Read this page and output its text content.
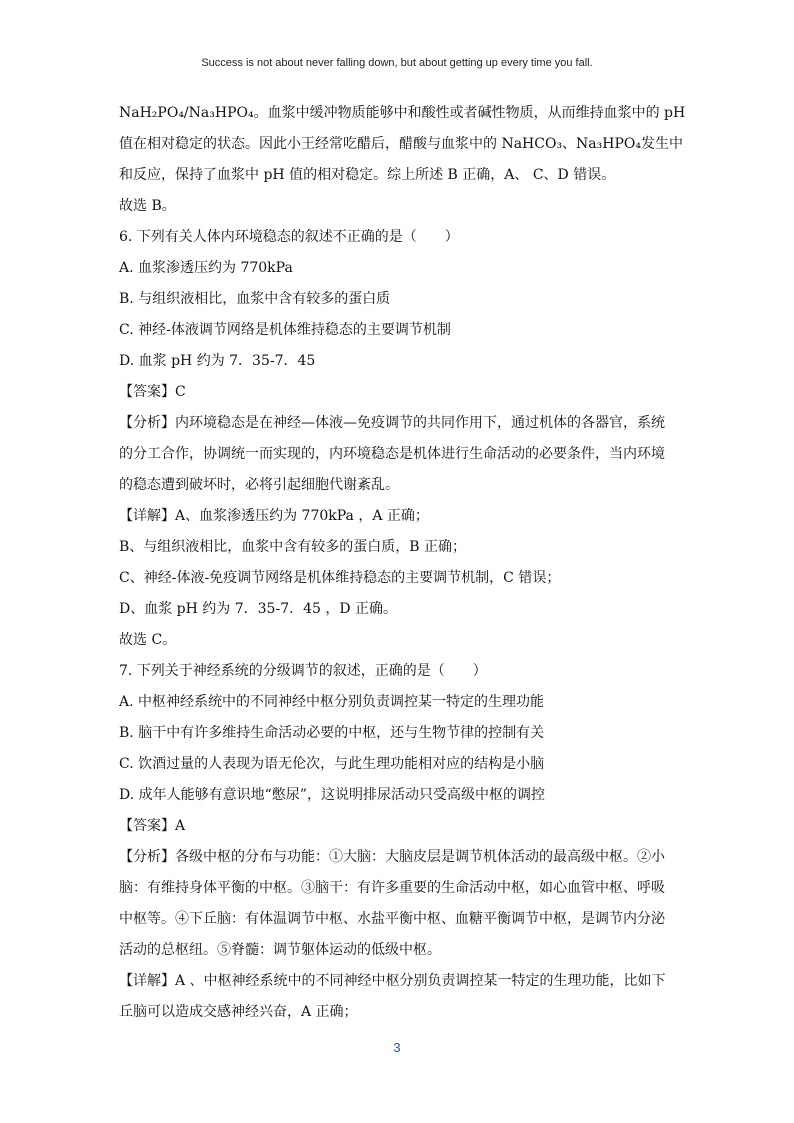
Success is not about never falling down, but about getting up every time you fall.

NaH₂PO₄/Na₃HPO₄。血浆中缓冲物质能够中和酸性或者碱性物质，从而维持血浆中的 pH

值在相对稳定的状态。因此小王经常吃醋后，醋酸与血浆中的 NaHCO₃、Na₃HPO₄发生中

和反应，保持了血浆中 pH 值的相对稳定。综上所述 B 正确，A、 C、D 错误。

故选 B。

6. 下列有关人体内环境稳态的叙述不正确的是（　　）

A. 血浆渗透压约为 770kPa

B. 与组织液相比，血浆中含有较多的蛋白质

C. 神经-体液调节网络是机体维持稳态的主要调节机制

D. 血浆 pH 约为 7．35-7．45

【答案】C

【分析】内环境稳态是在神经—体液—免疫调节的共同作用下，通过机体的各器官，系统

的分工合作，协调统一而实现的，内环境稳态是机体进行生命活动的必要条件，当内环境

的稳态遭到破坏时，必将引起细胞代谢紊乱。

【详解】A、血浆渗透压约为 770kPa ，A 正确；

B、与组织液相比，血浆中含有较多的蛋白质，B 正确；

C、神经-体液-免疫调节网络是机体维持稳态的主要调节机制，C 错误；

D、血浆 pH 约为 7．35-7．45 ，D 正确。

故选 C。

7. 下列关于神经系统的分级调节的叙述，正确的是（　　）

A. 中枢神经系统中的不同神经中枢分别负责调控某一特定的生理功能

B. 脑干中有许多维持生命活动必要的中枢，还与生物节律的控制有关

C. 饮酒过量的人表现为语无伦次，与此生理功能相对应的结构是小脑

D. 成年人能够有意识地“憋尿”，这说明排尿活动只受高级中枢的调控

【答案】A

【分析】各级中枢的分布与功能：①大脑：大脑皮层是调节机体活动的最高级中枢。②小

脑：有维持身体平衡的中枢。③脑干：有许多重要的生命活动中枢，如心血管中枢、呼吸

中枢等。④下丘脑：有体温调节中枢、水盐平衡中枢、血糖平衡调节中枢，是调节内分泌

活动的总枢纽。⑤脊髓：调节躯体运动的低级中枢。

【详解】A 、中枢神经系统中的不同神经中枢分别负责调控某一特定的生理功能，比如下

丘脑可以造成交感神经兴奋，A 正确；

3
